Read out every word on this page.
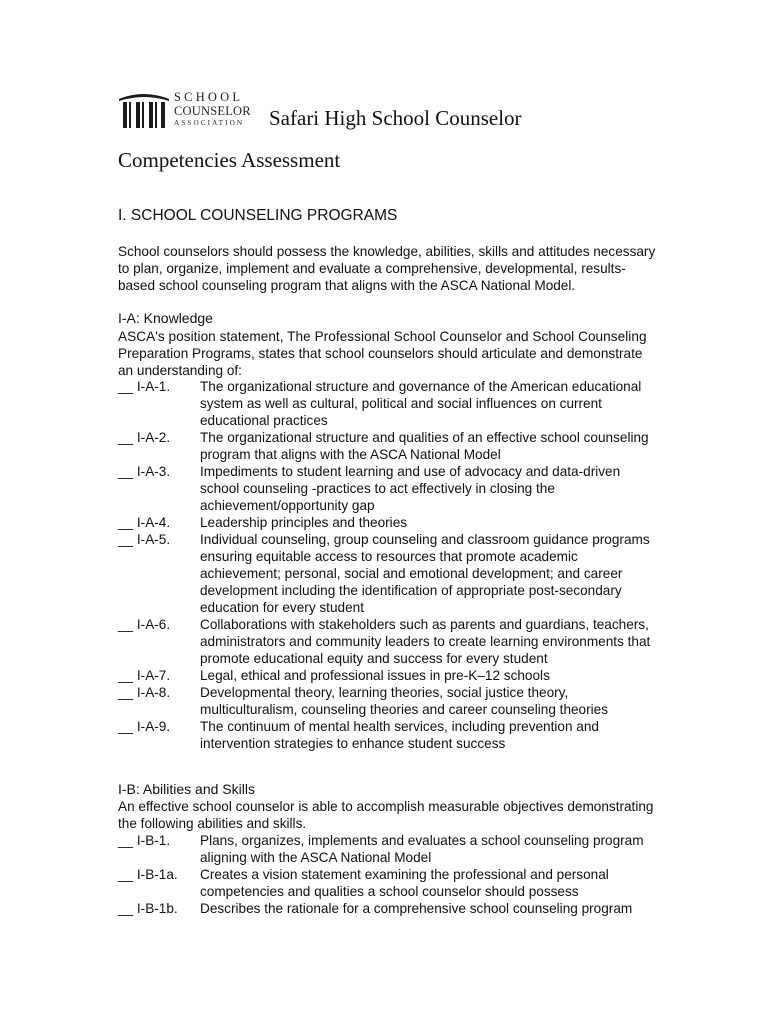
SCHOOL
COUNSELOR
ASSOCIATION	Safari High School Counselor
Competencies Assessment
I. SCHOOL COUNSELING PROGRAMS
School counselors should possess the knowledge, abilities, skills and attitudes necessary to plan, organize, implement and evaluate a comprehensive, developmental, results-based school counseling program that aligns with the ASCA National Model.
I-A: Knowledge
ASCA's position statement, The Professional School Counselor and School Counseling
Preparation Programs, states that school counselors should articulate and demonstrate an understanding of:
__ I-A-1.	The organizational structure and governance of the American educational system as well as cultural, political and social influences on current educational practices
__ I-A-2.	The organizational structure and qualities of an effective school counseling program that aligns with the ASCA National Model
__ I-A-3.	Impediments to student learning and use of advocacy and data-driven school counseling -practices to act effectively in closing the achievement/opportunity gap
__ I-A-4.	Leadership principles and theories
__ I-A-5.	Individual counseling, group counseling and classroom guidance programs ensuring equitable access to resources that promote academic achievement; personal, social and emotional development; and career development including the identification of appropriate post-secondary education for every student
__ I-A-6.	Collaborations with stakeholders such as parents and guardians, teachers, administrators and community leaders to create learning environments that promote educational equity and success for every student
__ I-A-7.	Legal, ethical and professional issues in pre-K–12 schools
__ I-A-8.	Developmental theory, learning theories, social justice theory, multiculturalism, counseling theories and career counseling theories
__ I-A-9.	The continuum of mental health services, including prevention and intervention strategies to enhance student success
I-B: Abilities and Skills
An effective school counselor is able to accomplish measurable objectives demonstrating the following abilities and skills.
__ I-B-1.	Plans, organizes, implements and evaluates a school counseling program aligning with the ASCA National Model
__ I-B-1a.	Creates a vision statement examining the professional and personal competencies and qualities a school counselor should possess
__ I-B-1b.	Describes the rationale for a comprehensive school counseling program
